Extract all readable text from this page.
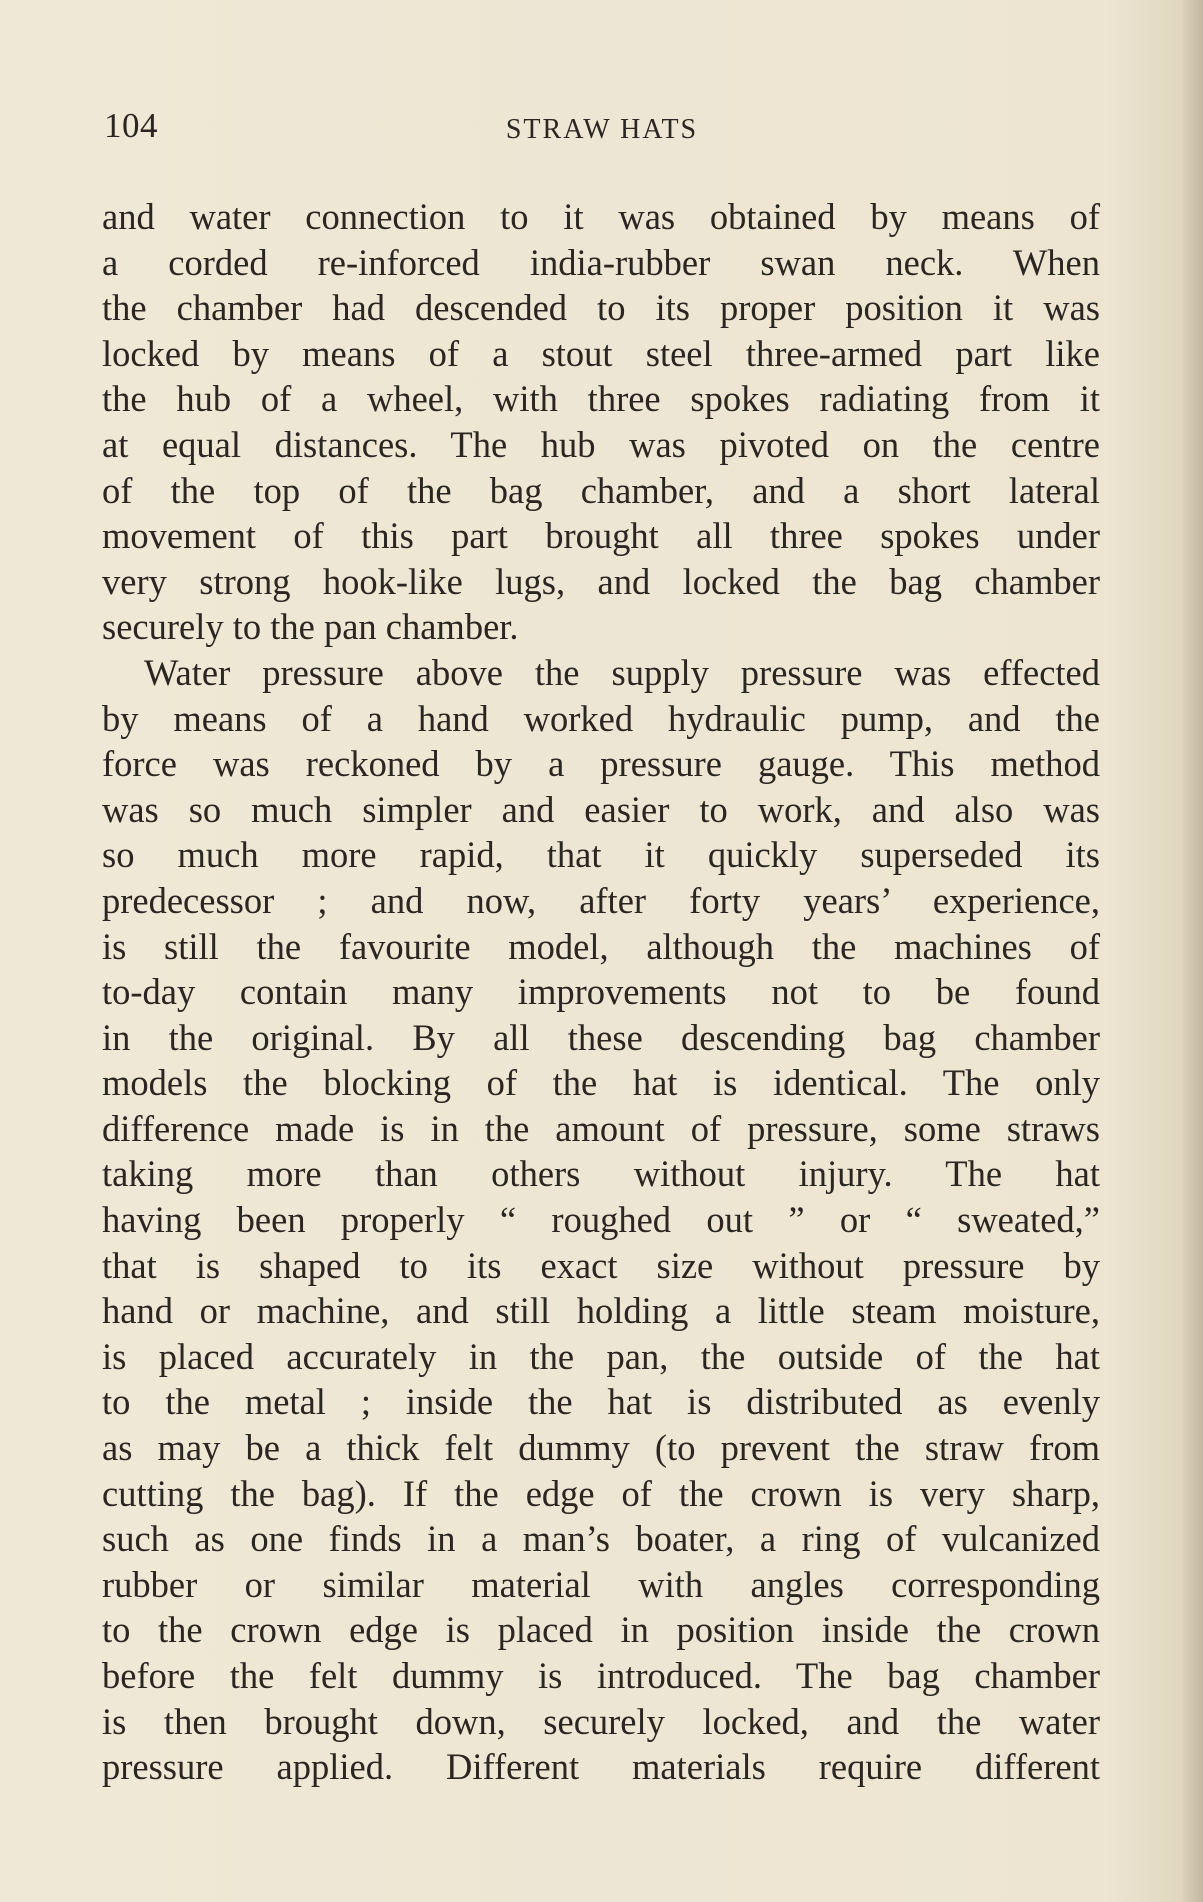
104	STRAW HATS
and water connection to it was obtained by means of
a corded re-inforced india-rubber swan neck. When
the chamber had descended to its proper position it was
locked by means of a stout steel three-armed part like
the hub of a wheel, with three spokes radiating from it
at equal distances. The hub was pivoted on the centre
of the top of the bag chamber, and a short lateral
movement of this part brought all three spokes under
very strong hook-like lugs, and locked the bag chamber
securely to the pan chamber.
Water pressure above the supply pressure was effected
by means of a hand worked hydraulic pump, and the
force was reckoned by a pressure gauge. This method
was so much simpler and easier to work, and also was
so much more rapid, that it quickly superseded its
predecessor ; and now, after forty years’ experience,
is still the favourite model, although the machines of
to-day contain many improvements not to be found
in the original. By all these descending bag chamber
models the blocking of the hat is identical. The only
difference made is in the amount of pressure, some straws
taking more than others without injury. The hat
having been properly “ roughed out ” or “ sweated,”
that is shaped to its exact size without pressure by
hand or machine, and still holding a little steam moisture,
is placed accurately in the pan, the outside of the hat
to the metal ; inside the hat is distributed as evenly
as may be a thick felt dummy (to prevent the straw from
cutting the bag). If the edge of the crown is very sharp,
such as one finds in a man’s boater, a ring of vulcanized
rubber or similar material with angles corresponding
to the crown edge is placed in position inside the crown
before the felt dummy is introduced. The bag chamber
is then brought down, securely locked, and the water
pressure applied. Different materials require different
